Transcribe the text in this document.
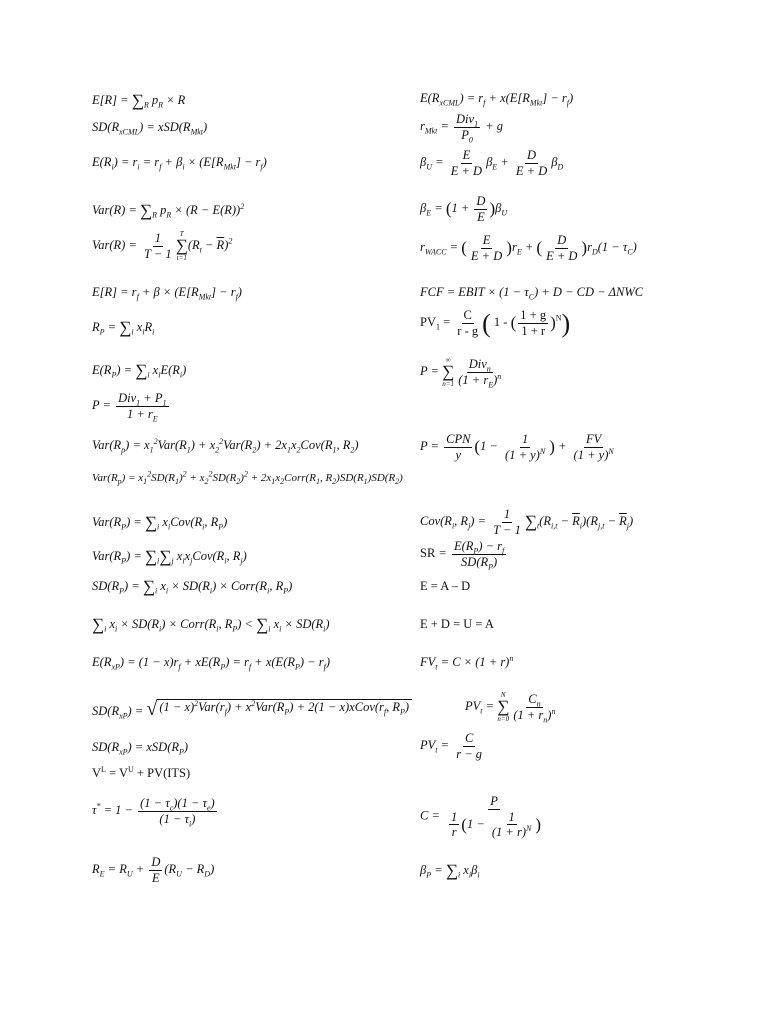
$E[R] = \sum_R$ $p_R \times R$
$SD(R_{xCML}) = xSD(R_{Mkt})$
$E(R_i) = r_i = r_f + \beta_i \times (E[R_{Mkt}] - r_f)$
$Var(R) = \sum_R$ $p_R \times (R - E(R))^2$
$Var(R) = \frac{1}{T - 1}$ T
∑
t=1
$(R_t - \overline{R})^2$
$E[R] = r_f + \beta \times (E[R_{Mkt}] - r_f)$
$R_P = \sum_i$ $x_iR_i$
$E(R_P) = \sum_i$ $x_iE(R_i)$
$P = \frac{Div_1 + P_1}{1 + r_E}$
$Var(R_p) = x_1^2Var(R_1) + x_2^2Var(R_2) + 2x_1x_2Cov(R_1$, $R_2$)
$Var(R_p) = x_1^2SD(R_1)^2 + x_2^2SD(R_2)^2$ + $2x_1x_2Corr(R_1$, $R_2)SD(R_1)SD(R_2)$
$Var(R_P) = \sum_i$ $x_iCov(R_i$, $R_P$)
$Var(R_P) = \sum_i\sum_j$ $x_ix_jCov(R_i$, $R_j$)
$SD(R_P) = \sum_i$ $x_i \times SD(R_i)$ × $Corr(R_i$, $R_P$)
$\sum_i$ $x_i \times SD(R_i)$ × $Corr(R_i$, $R_P) < \sum_i$ $x_i \times SD(R_i)$
$E(R_{xP}) = (1 - x)r_f + xE(R_P) = r_f + x(E(R_P) - r_f)$
$SD(R_{xP})$ = √ $(1 - x)^2Var(r_f) + x^2Var(R_P) + 2(1$ − $x)xCov(r_f$, $R_P$)
$SD(R_{xP}) = xSD(R_P)$
$V^L = V^U + PV(ITS)$
$\tau^* = 1 - \frac{(1 - \tau_c)(1 - \tau_e)}{(1 - \tau_i)}$
$R_E = R_U + \frac{D}{E} (R_U - R_D)$
$E(R_{xCML}) = r_f + x(E[R_{Mkt}] - r_f)$
$r_{Mkt} = \frac{Div_1}{P_0} + g$
$\beta_U = \frac{E}{E + D} \beta_E + \frac{D}{E + D} \beta_D$
$\beta_E = (1 + \frac{D}{E} )\beta_U$
$r_{WACC}$ = ( $\frac{E}{E + D} )r_E$ + ( $\frac{D}{E + D} )r_D(1 - \tau_C)$
FCF = EBIT × $(1 - \tau_C) + D$ − CD − ΔNWC
$PV_1 = \frac{C}{r - g}$ ( 1 - ( $\frac{1 + g}{1 + r} )^N$)
P =
∞
∑
$n=1 \frac{Div_n}{(1 + r_E)^n}$
$P = \frac{\text{CPN}}{y} (1 - \frac{1}{(1 + y)^N}$ ) + $\frac{FV}{(1 + y)^N}$
$Cov(R_i$, $R_j) = \frac{1}{T - 1} \sum_t(R_{i,t} - \overline{R}_i)(R_{j,t} - \overline{R}_j)$
SR = $\frac{E(R_P) - r_f}{SD(R_P)}$
E = A – D
E + D = U = A
$FV_t = C \times (1 + r)^n$
$PV_t$ =
N
∑
$n=0 \frac{C_n}{(1 + r_n)^n}$
$PV_t = \frac{C}{r - g}$
$C = \frac{P}{\frac{1}{r} (1 - \frac{1}{(1 + r)^N} )}$
$\beta_P = \sum_i$ $x_i\beta_i$
